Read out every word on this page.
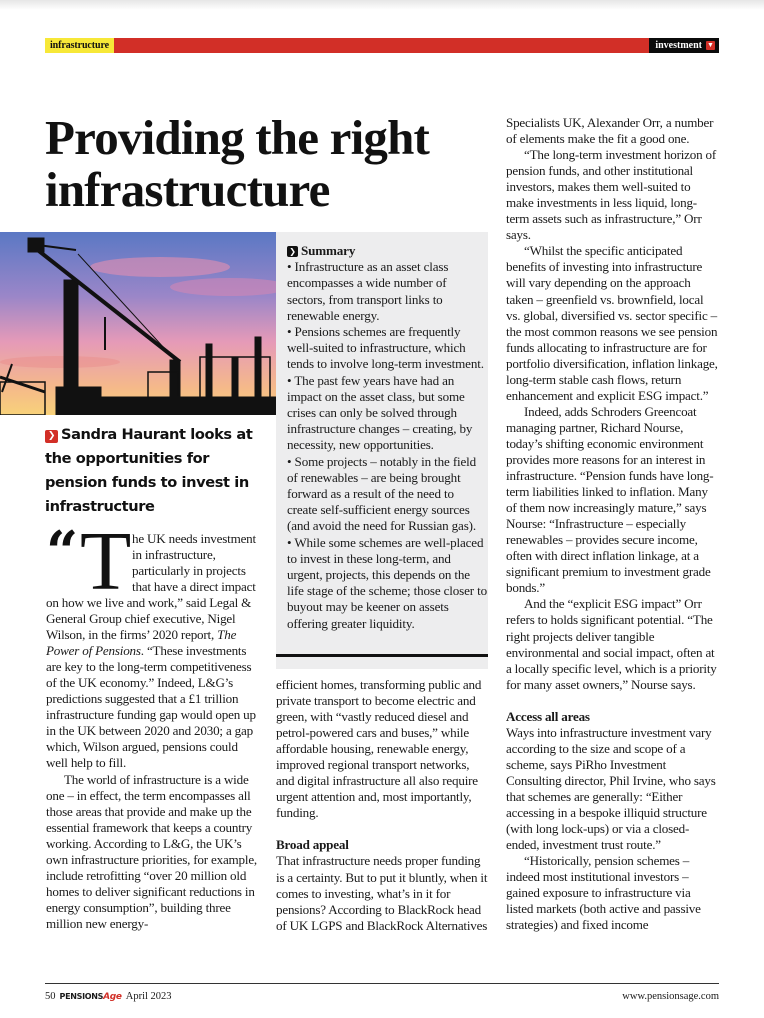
infrastructure	investment ▼
Providing the right
infrastructure
❯ Summary
• Infrastructure as an asset class encompasses a wide number of sectors, from transport links to renewable energy.
• Pensions schemes are frequently well-suited to infrastructure, which tends to involve long-term investment.
• The past few years have had an impact on the asset class, but some crises can only be solved through infrastructure changes – creating, by necessity, new opportunities.
• Some projects – notably in the field of renewables – are being brought forward as a result of the need to create self-sufficient energy sources (and avoid the need for Russian gas).
• While some schemes are well-placed to invest in these long-term, and urgent, projects, this depends on the life stage of the scheme; those closer to buyout may be keener on assets offering greater liquidity.
❯ Sandra Haurant looks at the opportunities for pension funds to invest in infrastructure
“ T he UK needs investment in infrastructure, particularly in projects that have a direct impact

on how we live and work,” said Legal & General Group chief executive, Nigel Wilson, in the firms’ 2020 report, The Power of Pensions. “These investments are key to the long-term competitiveness of the UK economy.” Indeed, L&G’s predictions suggested that a £1 trillion infrastructure funding gap would open up in the UK between 2020 and 2030; a gap which, Wilson argued, pensions could well help to fill.

The world of infrastructure is a wide one – in effect, the term encompasses all those areas that provide and make up the essential framework that keeps a country working. According to L&G, the UK’s own infrastructure priorities, for example, include retrofitting “over 20 million old homes to deliver significant reductions in energy consumption”, building three million new energy-

efficient homes, transforming public and private transport to become electric and green, with “vastly reduced diesel and petrol-powered cars and buses,” while affordable housing, renewable energy, improved regional transport networks, and digital infrastructure all also require urgent attention and, most importantly, funding.

Broad appeal

That infrastructure needs proper funding is a certainty. But to put it bluntly, when it comes to investing, what’s in it for pensions? According to BlackRock head of UK LGPS and BlackRock Alternatives

Specialists UK, Alexander Orr, a number of elements make the fit a good one.

“The long-term investment horizon of pension funds, and other institutional investors, makes them well-suited to make investments in less liquid, long-term assets such as infrastructure,” Orr says.

“Whilst the specific anticipated benefits of investing into infrastructure will vary depending on the approach taken – greenfield vs. brownfield, local vs. global, diversified vs. sector specific – the most common reasons we see pension funds allocating to infrastructure are for portfolio diversification, inflation linkage, long-term stable cash flows, return enhancement and explicit ESG impact.”

Indeed, adds Schroders Greencoat managing partner, Richard Nourse, today’s shifting economic environment provides more reasons for an interest in infrastructure. “Pension funds have long-term liabilities linked to inflation. Many of them now increasingly mature,” says Nourse: “Infrastructure – especially renewables – provides secure income, often with direct inflation linkage, at a significant premium to investment grade bonds.”

And the “explicit ESG impact” Orr refers to holds significant potential. “The right projects deliver tangible environmental and social impact, often at a locally specific level, which is a priority for many asset owners,” Nourse says.

Access all areas

Ways into infrastructure investment vary according to the size and scope of a scheme, says PiRho Investment Consulting director, Phil Irvine, who says that schemes are generally: “Either accessing in a bespoke illiquid structure (with long lock-ups) or via a closed-ended, investment trust route.”

“Historically, pension schemes – indeed most institutional investors – gained exposure to infrastructure via listed markets (both active and passive strategies) and fixed income

50 PENSIONSAge April 2023	www.pensionsage.com
